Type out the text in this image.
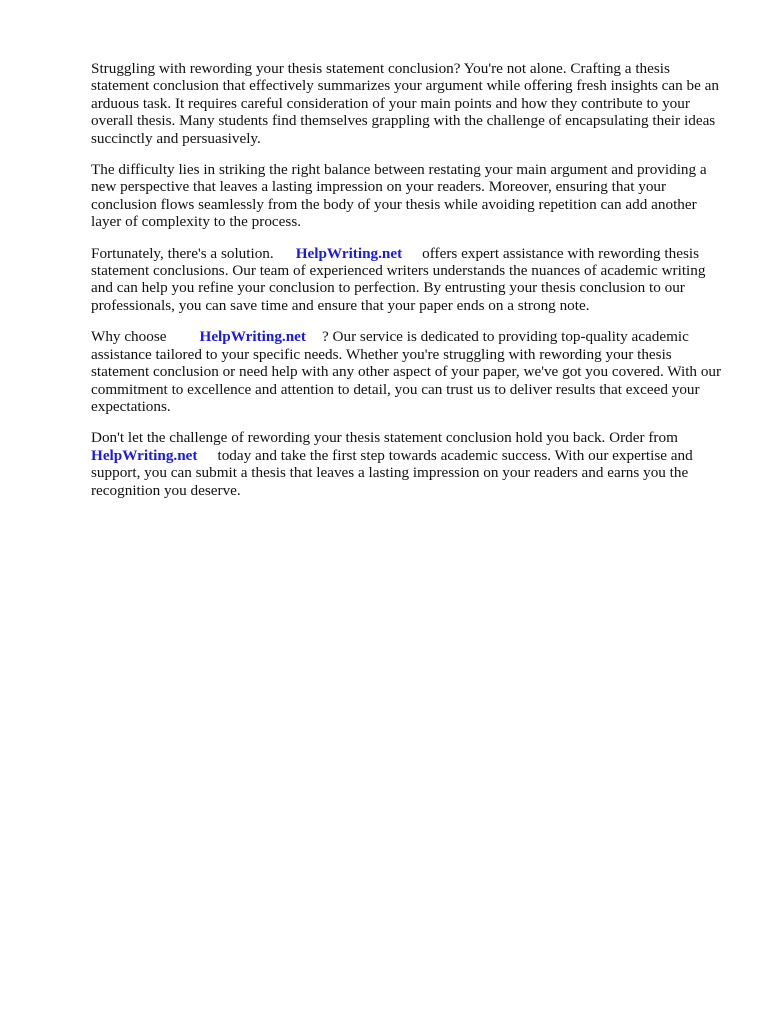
Struggling with rewording your thesis statement conclusion? You're not alone. Crafting a thesis statement conclusion that effectively summarizes your argument while offering fresh insights can be an arduous task. It requires careful consideration of your main points and how they contribute to your overall thesis. Many students find themselves grappling with the challenge of encapsulating their ideas succinctly and persuasively.

The difficulty lies in striking the right balance between restating your main argument and providing a new perspective that leaves a lasting impression on your readers. Moreover, ensuring that your conclusion flows seamlessly from the body of your thesis while avoiding repetition can add another layer of complexity to the process.

Fortunately, there's a solution. HelpWriting.net offers expert assistance with rewording thesis statement conclusions. Our team of experienced writers understands the nuances of academic writing and can help you refine your conclusion to perfection. By entrusting your thesis conclusion to our professionals, you can save time and ensure that your paper ends on a strong note.

Why choose HelpWriting.net ? Our service is dedicated to providing top-quality academic assistance tailored to your specific needs. Whether you're struggling with rewording your thesis statement conclusion or need help with any other aspect of your paper, we've got you covered. With our commitment to excellence and attention to detail, you can trust us to deliver results that exceed your expectations.

Don't let the challenge of rewording your thesis statement conclusion hold you back. Order from HelpWriting.net today and take the first step towards academic success. With our expertise and support, you can submit a thesis that leaves a lasting impression on your readers and earns you the recognition you deserve.
